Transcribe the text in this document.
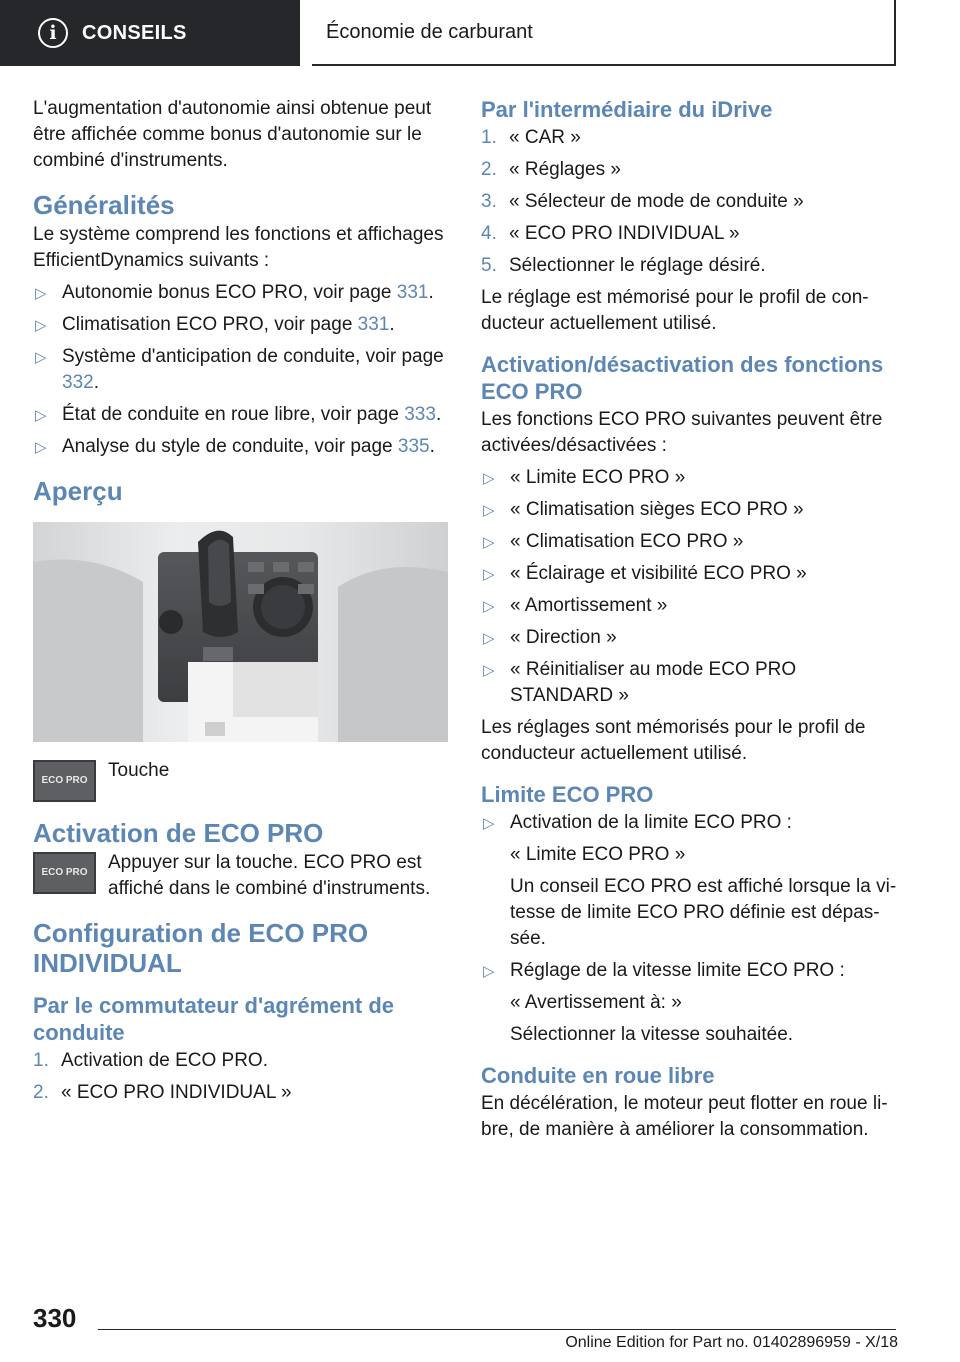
i	CONSEILS	Économie de carburant

L'augmentation d'autonomie ainsi obtenue peut être affichée comme bonus d'autonomie sur le combiné d'instruments.

Généralités

Le système comprend les fonctions et affichages EfficientDynamics suivants :

▷ Autonomie bonus ECO PRO, voir page 331.
▷ Climatisation ECO PRO, voir page 331.
▷ Système d'anticipation de conduite, voir page 332.
▷ État de conduite en roue libre, voir page 333.
▷ Analyse du style de conduite, voir page 335.
Aperçu
ECO PRO	Touche
Activation de ECO PRO
ECO PRO	Appuyer sur la touche. ECO PRO est affiché dans le combiné d'instruments.
Configuration de ECO PRO INDIVIDUAL
Par le commutateur d'agrément de conduite
1. Activation de ECO PRO.
2. « ECO PRO INDIVIDUAL »
Par l'intermédiaire du iDrive
1. « CAR »
2. « Réglages »
3. « Sélecteur de mode de conduite »
4. « ECO PRO INDIVIDUAL »
5. Sélectionner le réglage désiré.

Le réglage est mémorisé pour le profil de conducteur actuellement utilisé.

Activation/désactivation des fonctions ECO PRO

Les fonctions ECO PRO suivantes peuvent être activées/désactivées :

▷ « Limite ECO PRO »
▷ « Climatisation sièges ECO PRO »
▷ « Climatisation ECO PRO »
▷ « Éclairage et visibilité ECO PRO »
▷ « Amortissement »
▷ « Direction »
▷ « Réinitialiser au mode ECO PRO STANDARD »

Les réglages sont mémorisés pour le profil de conducteur actuellement utilisé.

Limite ECO PRO
▷ Activation de la limite ECO PRO :
« Limite ECO PRO »
Un conseil ECO PRO est affiché lorsque la vitesse de limite ECO PRO définie est dépassée.
▷ Réglage de la vitesse limite ECO PRO :
« Avertissement à: »
Sélectionner la vitesse souhaitée.
Conduite en roue libre

En décélération, le moteur peut flotter en roue libre, de manière à améliorer la consommation.

330
Online Edition for Part no. 01402896959 - X/18
